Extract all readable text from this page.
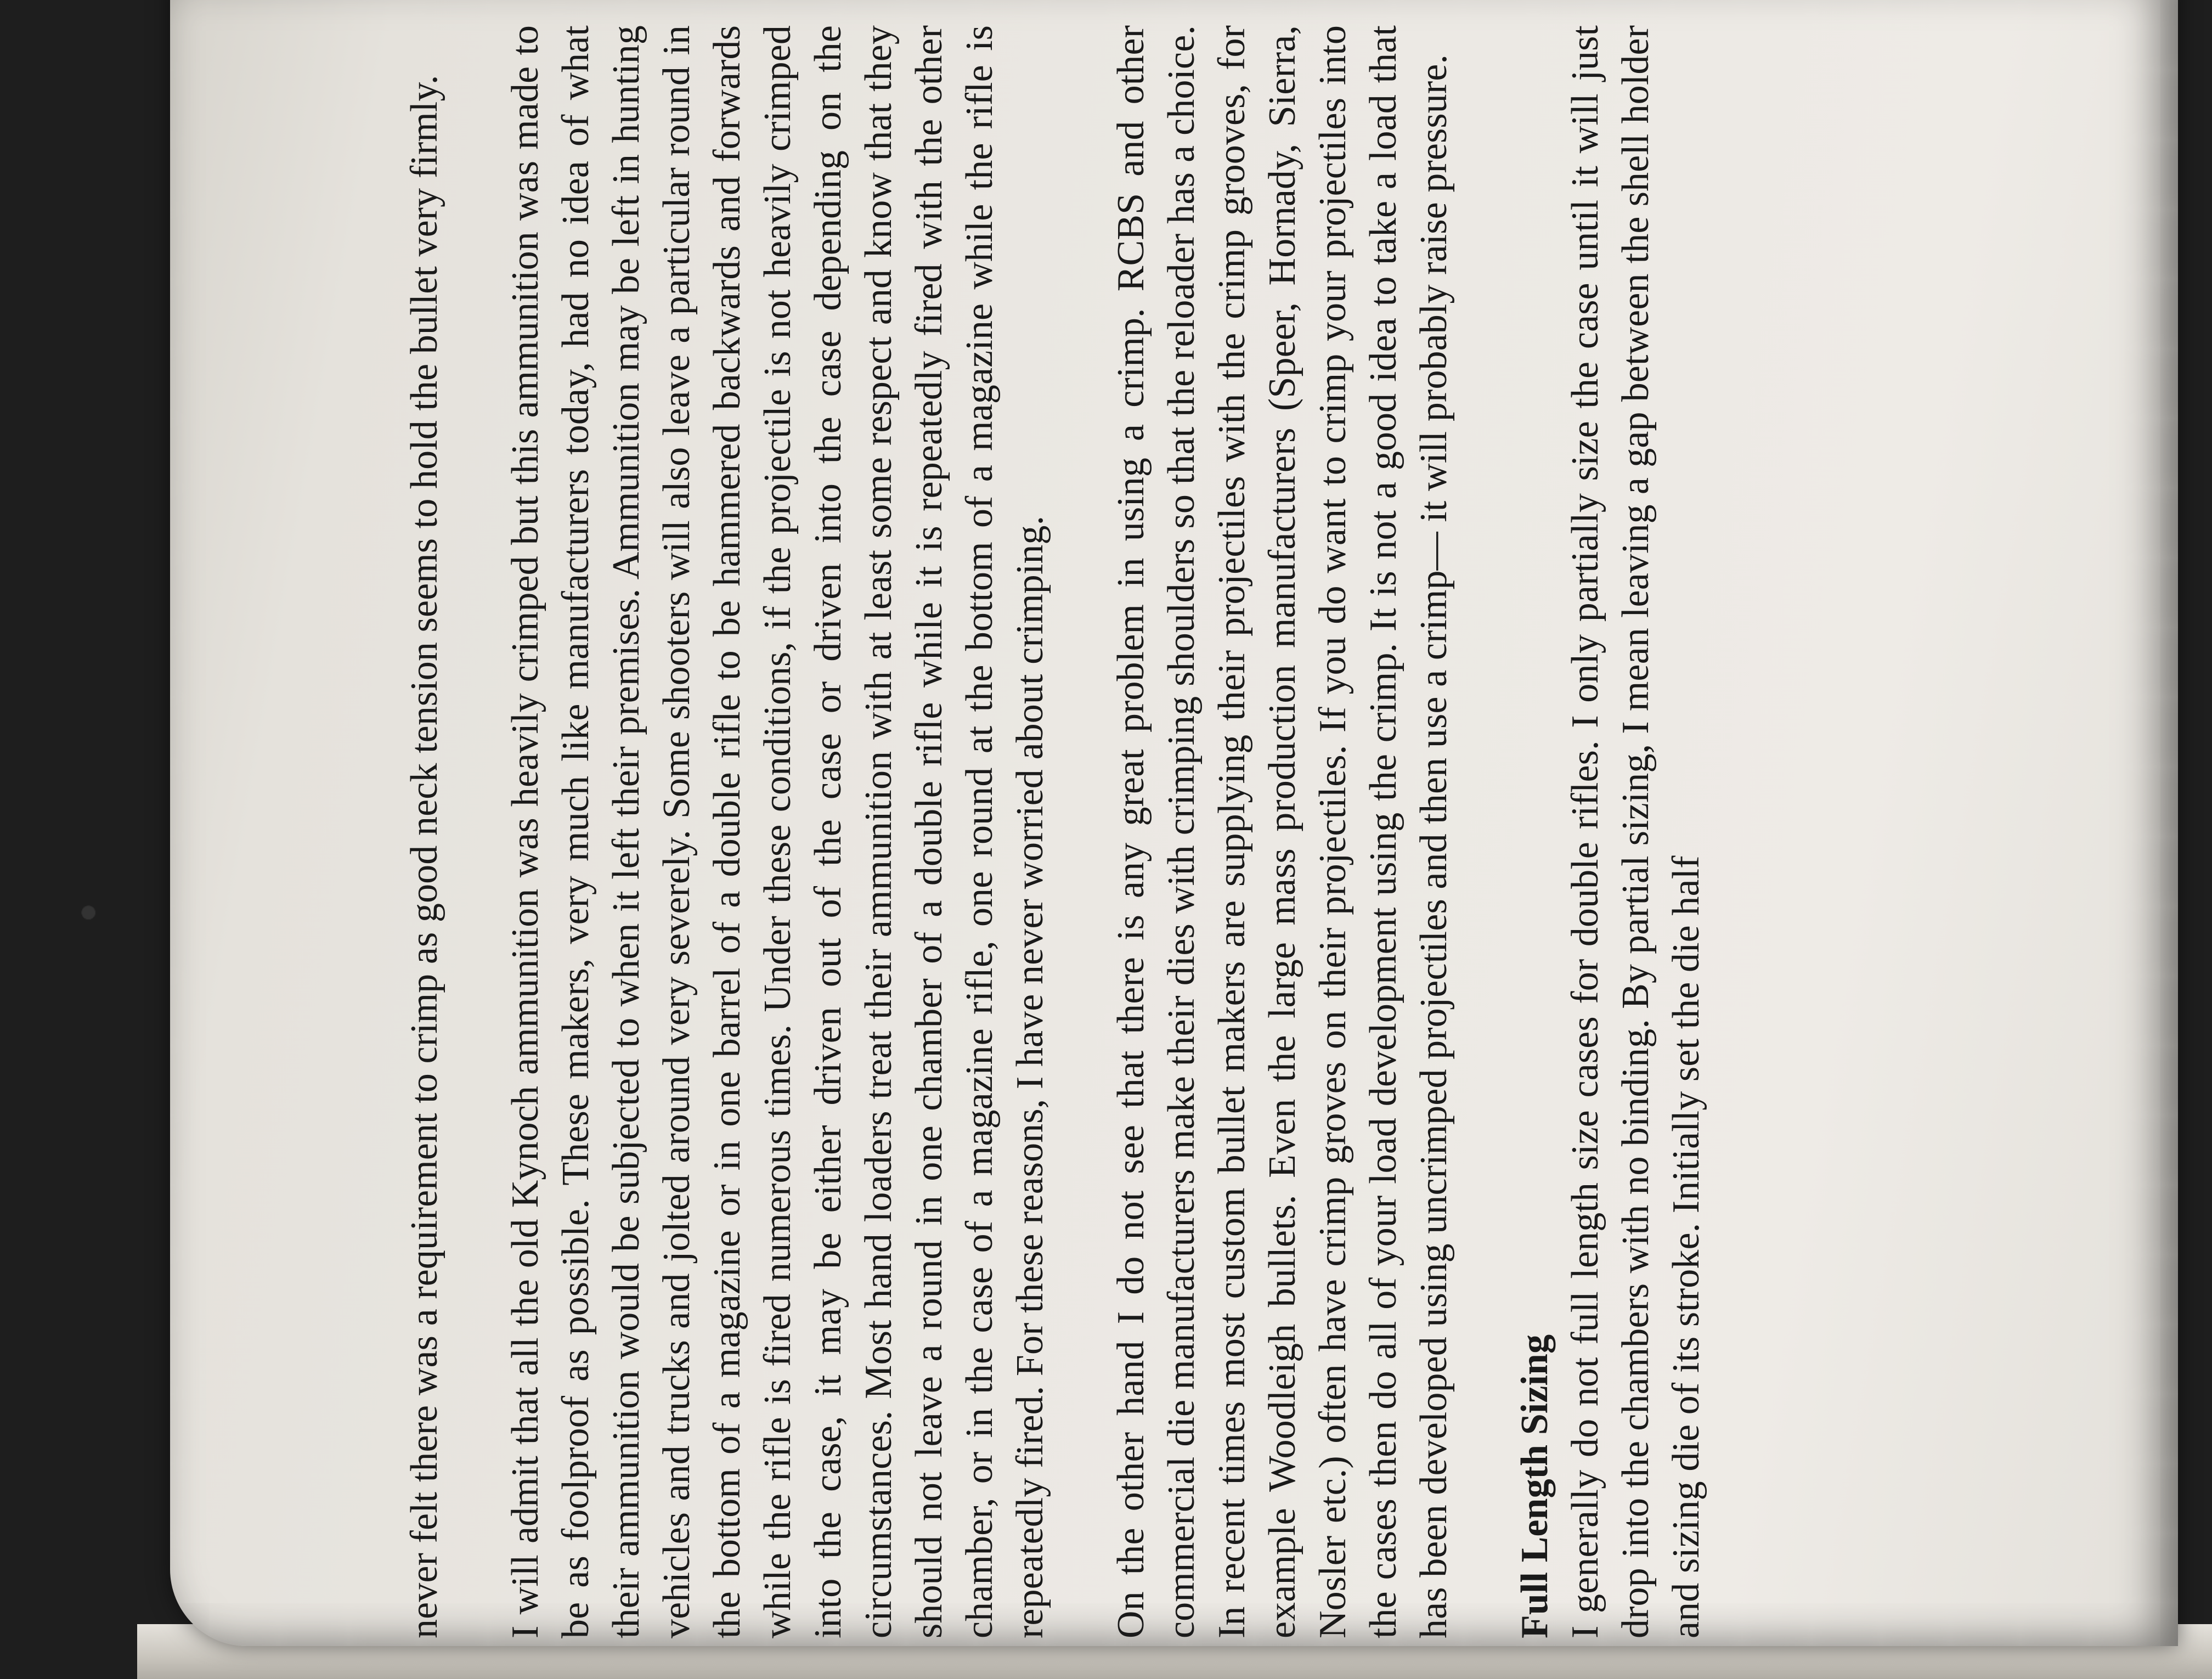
never felt there was a requirement to crimp as good neck tension seems to hold the bullet very firmly. I will admit that all the old Kynoch ammunition was heavily crimped but this ammunition was made to be as foolproof as possible. These makers, very much like manufacturers today, had no idea of what their ammunition would be subjected to when it left their premises. Ammunition may be left in hunting vehicles and trucks and jolted around very severely. Some shooters will also leave a particular round in the bottom of a magazine or in one barrel of a double rifle to be hammered backwards and forwards while the rifle is fired numerous times. Under these conditions, if the projectile is not heavily crimped into the case, it may be either driven out of the case or driven into the case depending on the circumstances. Most hand loaders treat their ammunition with at least some respect and know that they should not leave a round in one chamber of a double rifle while it is repeatedly fired with the other chamber, or in the case of a magazine rifle, one round at the bottom of a magazine while the rifle is repeatedly fired. For these reasons, I have never worried about crimping. On the other hand I do not see that there is any great problem in using a crimp. RCBS and other commercial die manufacturers make their dies with crimping shoulders so that the reloader has a choice. In recent times most custom bullet makers are supplying their projectiles with the crimp grooves, for example Woodleigh bullets. Even the large mass production manufacturers (Speer, Hornady, Sierra, Nosler etc.) often have crimp groves on their projectiles. If you do want to crimp your projectiles into the cases then do all of your load development using the crimp. It is not a good idea to take a load that has been developed using uncrimped projectiles and then use a crimp— it will probably raise pressure. Full Length Sizing I generally do not full length size cases for double rifles. I only partially size the case until it will just drop into the chambers with no binding. By partial sizing, I mean leaving a gap between the shell holder and sizing die of its stroke. Initially set the die half
